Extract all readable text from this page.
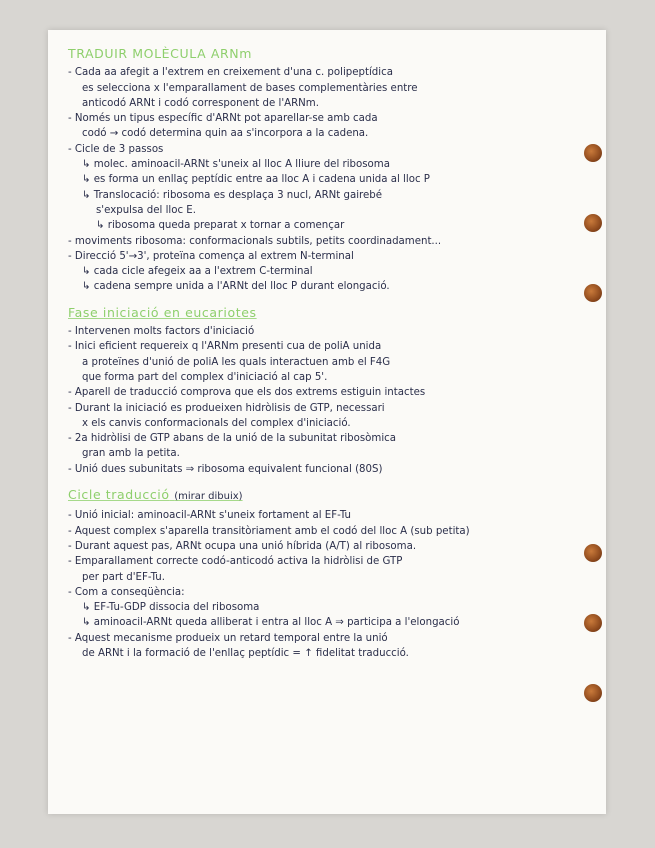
TRADUIR MOLÈCULA ARNm
- Cada aa afegit a l'extrem en creixement d'una c. polipeptídica
es selecciona x l'emparallament de bases complementàries entre
anticodó ARNt i codó corresponent de l'ARNm.
- Només un tipus específic d'ARNt pot aparellar-se amb cada
codó → codó determina quin aa s'incorpora a la cadena.
- Cicle de 3 passos
↳ molec. aminoacil-ARNt s'uneix al lloc A lliure del ribosoma
↳ es forma un enllaç peptídic entre aa lloc A i cadena unida al lloc P
↳ Translocació: ribosoma es desplaça 3 nucl, ARNt gairebé
s'expulsa del lloc E.
↳ ribosoma queda preparat x tornar a començar
- moviments ribosoma: conformacionals subtils, petits coordinadament...
- Direcció 5'→3', proteïna comença al extrem N-terminal
↳ cada cicle afegeix aa a l'extrem C-terminal
↳ cadena sempre unida a l'ARNt del lloc P durant elongació.
Fase iniciació en eucariotes
- Intervenen molts factors d'iniciació
- Inici eficient requereix q l'ARNm presenti cua de poliA unida
a proteïnes d'unió de poliA les quals interactuen amb el F4G
que forma part del complex d'iniciació al cap 5'.
- Aparell de traducció comprova que els dos extrems estiguin intactes
- Durant la iniciació es produeixen hidròlisis de GTP, necessari
x els canvis conformacionals del complex d'iniciació.
- 2a hidròlisi de GTP abans de la unió de la subunitat ribosòmica
gran amb la petita.
- Unió dues subunitats ⇒ ribosoma equivalent funcional (80S)
Cicle traducció (mirar dibuix)
- Unió inicial: aminoacil-ARNt s'uneix fortament al EF-Tu
- Aquest complex s'aparella transitòriament amb el codó del lloc A (sub petita)
- Durant aquest pas, ARNt ocupa una unió híbrida (A/T) al ribosoma.
- Emparallament correcte codó-anticodó activa la hidròlisi de GTP
per part d'EF-Tu.
- Com a conseqüència:
↳ EF-Tu-GDP dissocia del ribosoma
↳ aminoacil-ARNt queda alliberat i entra al lloc A ⇒ participa a l'elongació
- Aquest mecanisme produeix un retard temporal entre la unió
de ARNt i la formació de l'enllaç peptídic = ↑ fidelitat traducció.
